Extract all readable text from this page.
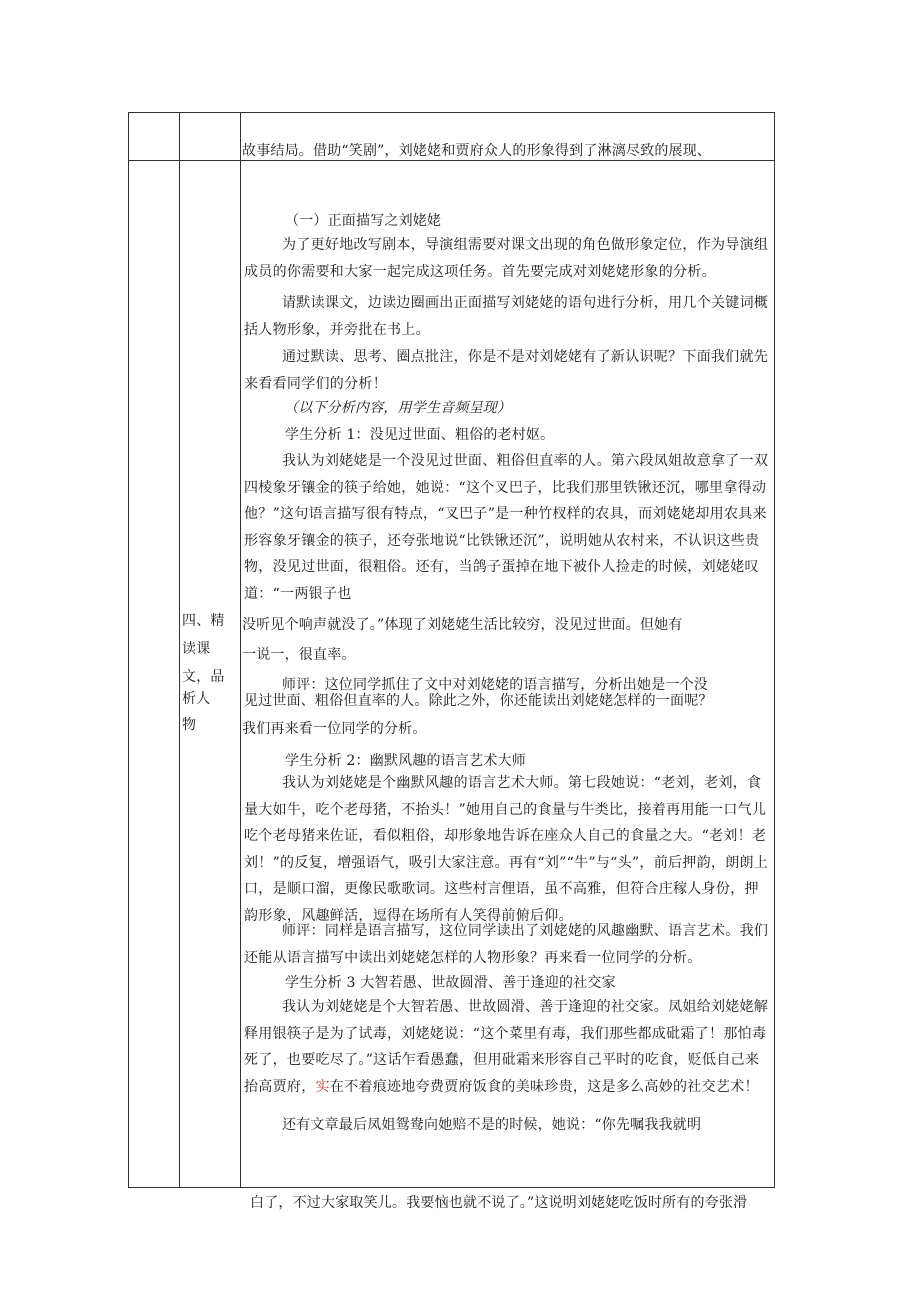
故事结局。借助“笑剧”，刘姥姥和贾府众人的形象得到了淋漓尽致的展现、
四、精
读课
文，品
析人
物
（一）正面描写之刘姥姥
为了更好地改写剧本，导演组需要对课文出现的角色做形象定位，作为导演组成员的你需要和大家一起完成这项任务。首先要完成对刘姥姥形象的分析。
请默读课文，边读边圈画出正面描写刘姥姥的语句进行分析，用几个关键词概括人物形象，并旁批在书上。
通过默读、思考、圈点批注，你是不是对刘姥姥有了新认识呢？下面我们就先来看看同学们的分析！
（以下分析内容，用学生音频呈现）
学生分析 1：没见过世面、粗俗的老村妪。
我认为刘姥姥是一个没见过世面、粗俗但直率的人。第六段凤姐故意拿了一双四棱象牙镶金的筷子给她，她说：“这个叉巴子，比我们那里铁锹还沉，哪里拿得动他？”这句语言描写很有特点，“叉巴子”是一种竹杈样的农具，而刘姥姥却用农具来形容象牙镶金的筷子，还夸张地说“比铁锹还沉”，说明她从农村来，不认识这些贵物，没见过世面，很粗俗。还有，当鸽子蛋掉在地下被仆人捡走的时候，刘姥姥叹道：“一两银子也
没听见个响声就没了。”体现了刘姥姥生活比较穷，没见过世面。但她有
一说一，很直率。
师评：这位同学抓住了文中对刘姥姥的语言描写，分析出她是一个没
见过世面、粗俗但直率的人。除此之外，你还能读出刘姥姥怎样的一面呢？
我们再来看一位同学的分析。
学生分析 2：幽默风趣的语言艺术大师
我认为刘姥姥是个幽默风趣的语言艺术大师。第七段她说：“老刘，老刘，食量大如牛，吃个老母猪，不抬头！”她用自己的食量与牛类比，接着再用能一口气儿吃个老母猪来佐证，看似粗俗，却形象地告诉在座众人自己的食量之大。“老刘！老刘！”的反复，增强语气，吸引大家注意。再有“刘”“牛”与“头”，前后押韵，朗朗上口，是顺口溜，更像民歌歌词。这些村言俚语，虽不高雅，但符合庄稼人身份，押韵形象，风趣鲜活，逗得在场所有人笑得前俯后仰。
师评：同样是语言描写，这位同学读出了刘姥姥的风趣幽默、语言艺术。我们还能从语言描写中读出刘姥姥怎样的人物形象？再来看一位同学的分析。
学生分析 3 大智若愚、世故圆滑、善于逢迎的社交家
我认为刘姥姥是个大智若愚、世故圆滑、善于逢迎的社交家。凤姐给刘姥姥解释用银筷子是为了试毒，刘姥姥说：“这个菜里有毒，我们那些都成砒霜了！那怕毒死了，也要吃尽了。”这话乍看愚蠢，但用砒霜来形容自己平时的吃食，贬低自己来抬高贾府，实在不着痕迹地夸费贾府饭食的美味珍贵，这是多么高妙的社交艺术！
还有文章最后凤姐鸳鸯向她赔不是的时候，她说：“你先嘱我我就明
白了，不过大家取笑儿。我要恼也就不说了。”这说明刘姥姥吃饭时所有的夸张滑
